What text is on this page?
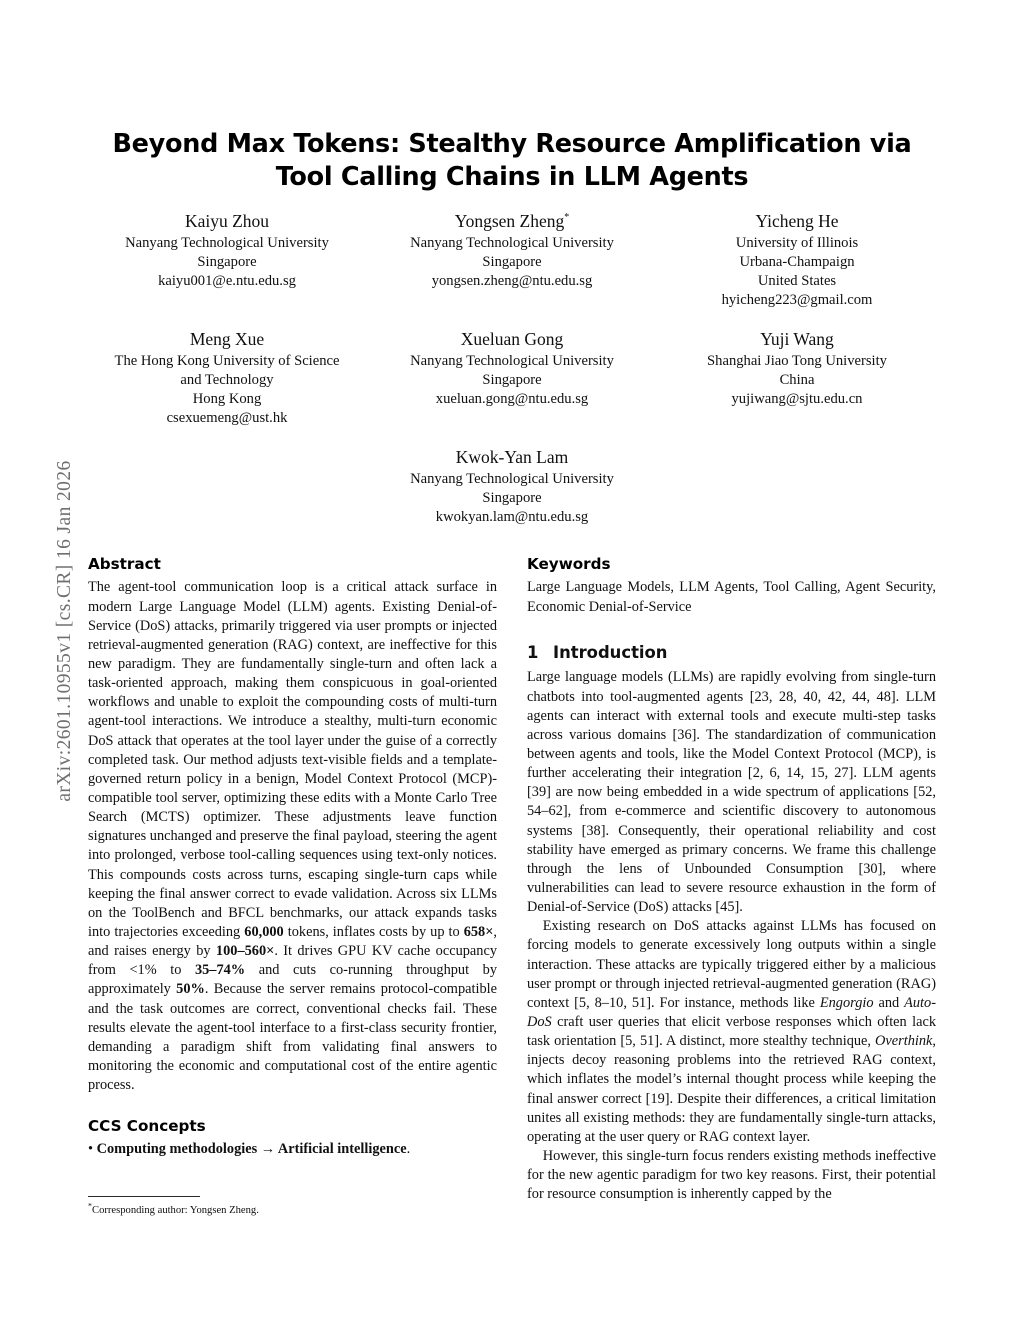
arXiv:2601.10955v1 [cs.CR] 16 Jan 2026
Beyond Max Tokens: Stealthy Resource Amplification via Tool Calling Chains in LLM Agents
Kaiyu Zhou
Nanyang Technological University
Singapore
kaiyu001@e.ntu.edu.sg
Yongsen Zheng*
Nanyang Technological University
Singapore
yongsen.zheng@ntu.edu.sg
Yicheng He
University of Illinois
Urbana-Champaign
United States
hyicheng223@gmail.com
Meng Xue
The Hong Kong University of Science
and Technology
Hong Kong
csexuemeng@ust.hk
Xueluan Gong
Nanyang Technological University
Singapore
xueluan.gong@ntu.edu.sg
Yuji Wang
Shanghai Jiao Tong University
China
yujiwang@sjtu.edu.cn
Kwok-Yan Lam
Nanyang Technological University
Singapore
kwokyan.lam@ntu.edu.sg
Abstract

The agent-tool communication loop is a critical attack surface in modern Large Language Model (LLM) agents. Existing Denial-of-Service (DoS) attacks, primarily triggered via user prompts or injected retrieval-augmented generation (RAG) context, are ineffective for this new paradigm. They are fundamentally single-turn and often lack a task-oriented approach, making them conspicuous in goal-oriented workflows and unable to exploit the compounding costs of multi-turn agent-tool interactions. We introduce a stealthy, multi-turn economic DoS attack that operates at the tool layer under the guise of a correctly completed task. Our method adjusts text-visible fields and a template-governed return policy in a benign, Model Context Protocol (MCP)-compatible tool server, optimizing these edits with a Monte Carlo Tree Search (MCTS) optimizer. These adjustments leave function signatures unchanged and preserve the final payload, steering the agent into prolonged, verbose tool-calling sequences using text-only notices. This compounds costs across turns, escaping single-turn caps while keeping the final answer correct to evade validation. Across six LLMs on the ToolBench and BFCL benchmarks, our attack expands tasks into trajectories exceeding 60,000 tokens, inflates costs by up to 658×, and raises energy by 100–560×. It drives GPU KV cache occupancy from <1% to 35–74% and cuts co-running throughput by approximately 50%. Because the server remains protocol-compatible and the task outcomes are correct, conventional checks fail. These results elevate the agent-tool interface to a first-class security frontier, demanding a paradigm shift from validating final answers to monitoring the economic and computational cost of the entire agentic process.

CCS Concepts

• Computing methodologies → Artificial intelligence.

*Corresponding author: Yongsen Zheng.

Keywords

Large Language Models, LLM Agents, Tool Calling, Agent Security, Economic Denial-of-Service

1 Introduction

Large language models (LLMs) are rapidly evolving from single-turn chatbots into tool-augmented agents [23, 28, 40, 42, 44, 48]. LLM agents can interact with external tools and execute multi-step tasks across various domains [36]. The standardization of communication between agents and tools, like the Model Context Protocol (MCP), is further accelerating their integration [2, 6, 14, 15, 27]. LLM agents [39] are now being embedded in a wide spectrum of applications [52, 54–62], from e-commerce and scientific discovery to autonomous systems [38]. Consequently, their operational reliability and cost stability have emerged as primary concerns. We frame this challenge through the lens of Unbounded Consumption [30], where vulnerabilities can lead to severe resource exhaustion in the form of Denial-of-Service (DoS) attacks [45].

Existing research on DoS attacks against LLMs has focused on forcing models to generate excessively long outputs within a single interaction. These attacks are typically triggered either by a malicious user prompt or through injected retrieval-augmented generation (RAG) context [5, 8–10, 51]. For instance, methods like Engorgio and Auto-DoS craft user queries that elicit verbose responses which often lack task orientation [5, 51]. A distinct, more stealthy technique, Overthink, injects decoy reasoning problems into the retrieved RAG context, which inflates the model’s internal thought process while keeping the final answer correct [19]. Despite their differences, a critical limitation unites all existing methods: they are fundamentally single-turn attacks, operating at the user query or RAG context layer.

However, this single-turn focus renders existing methods ineffective for the new agentic paradigm for two key reasons. First, their potential for resource consumption is inherently capped by the
